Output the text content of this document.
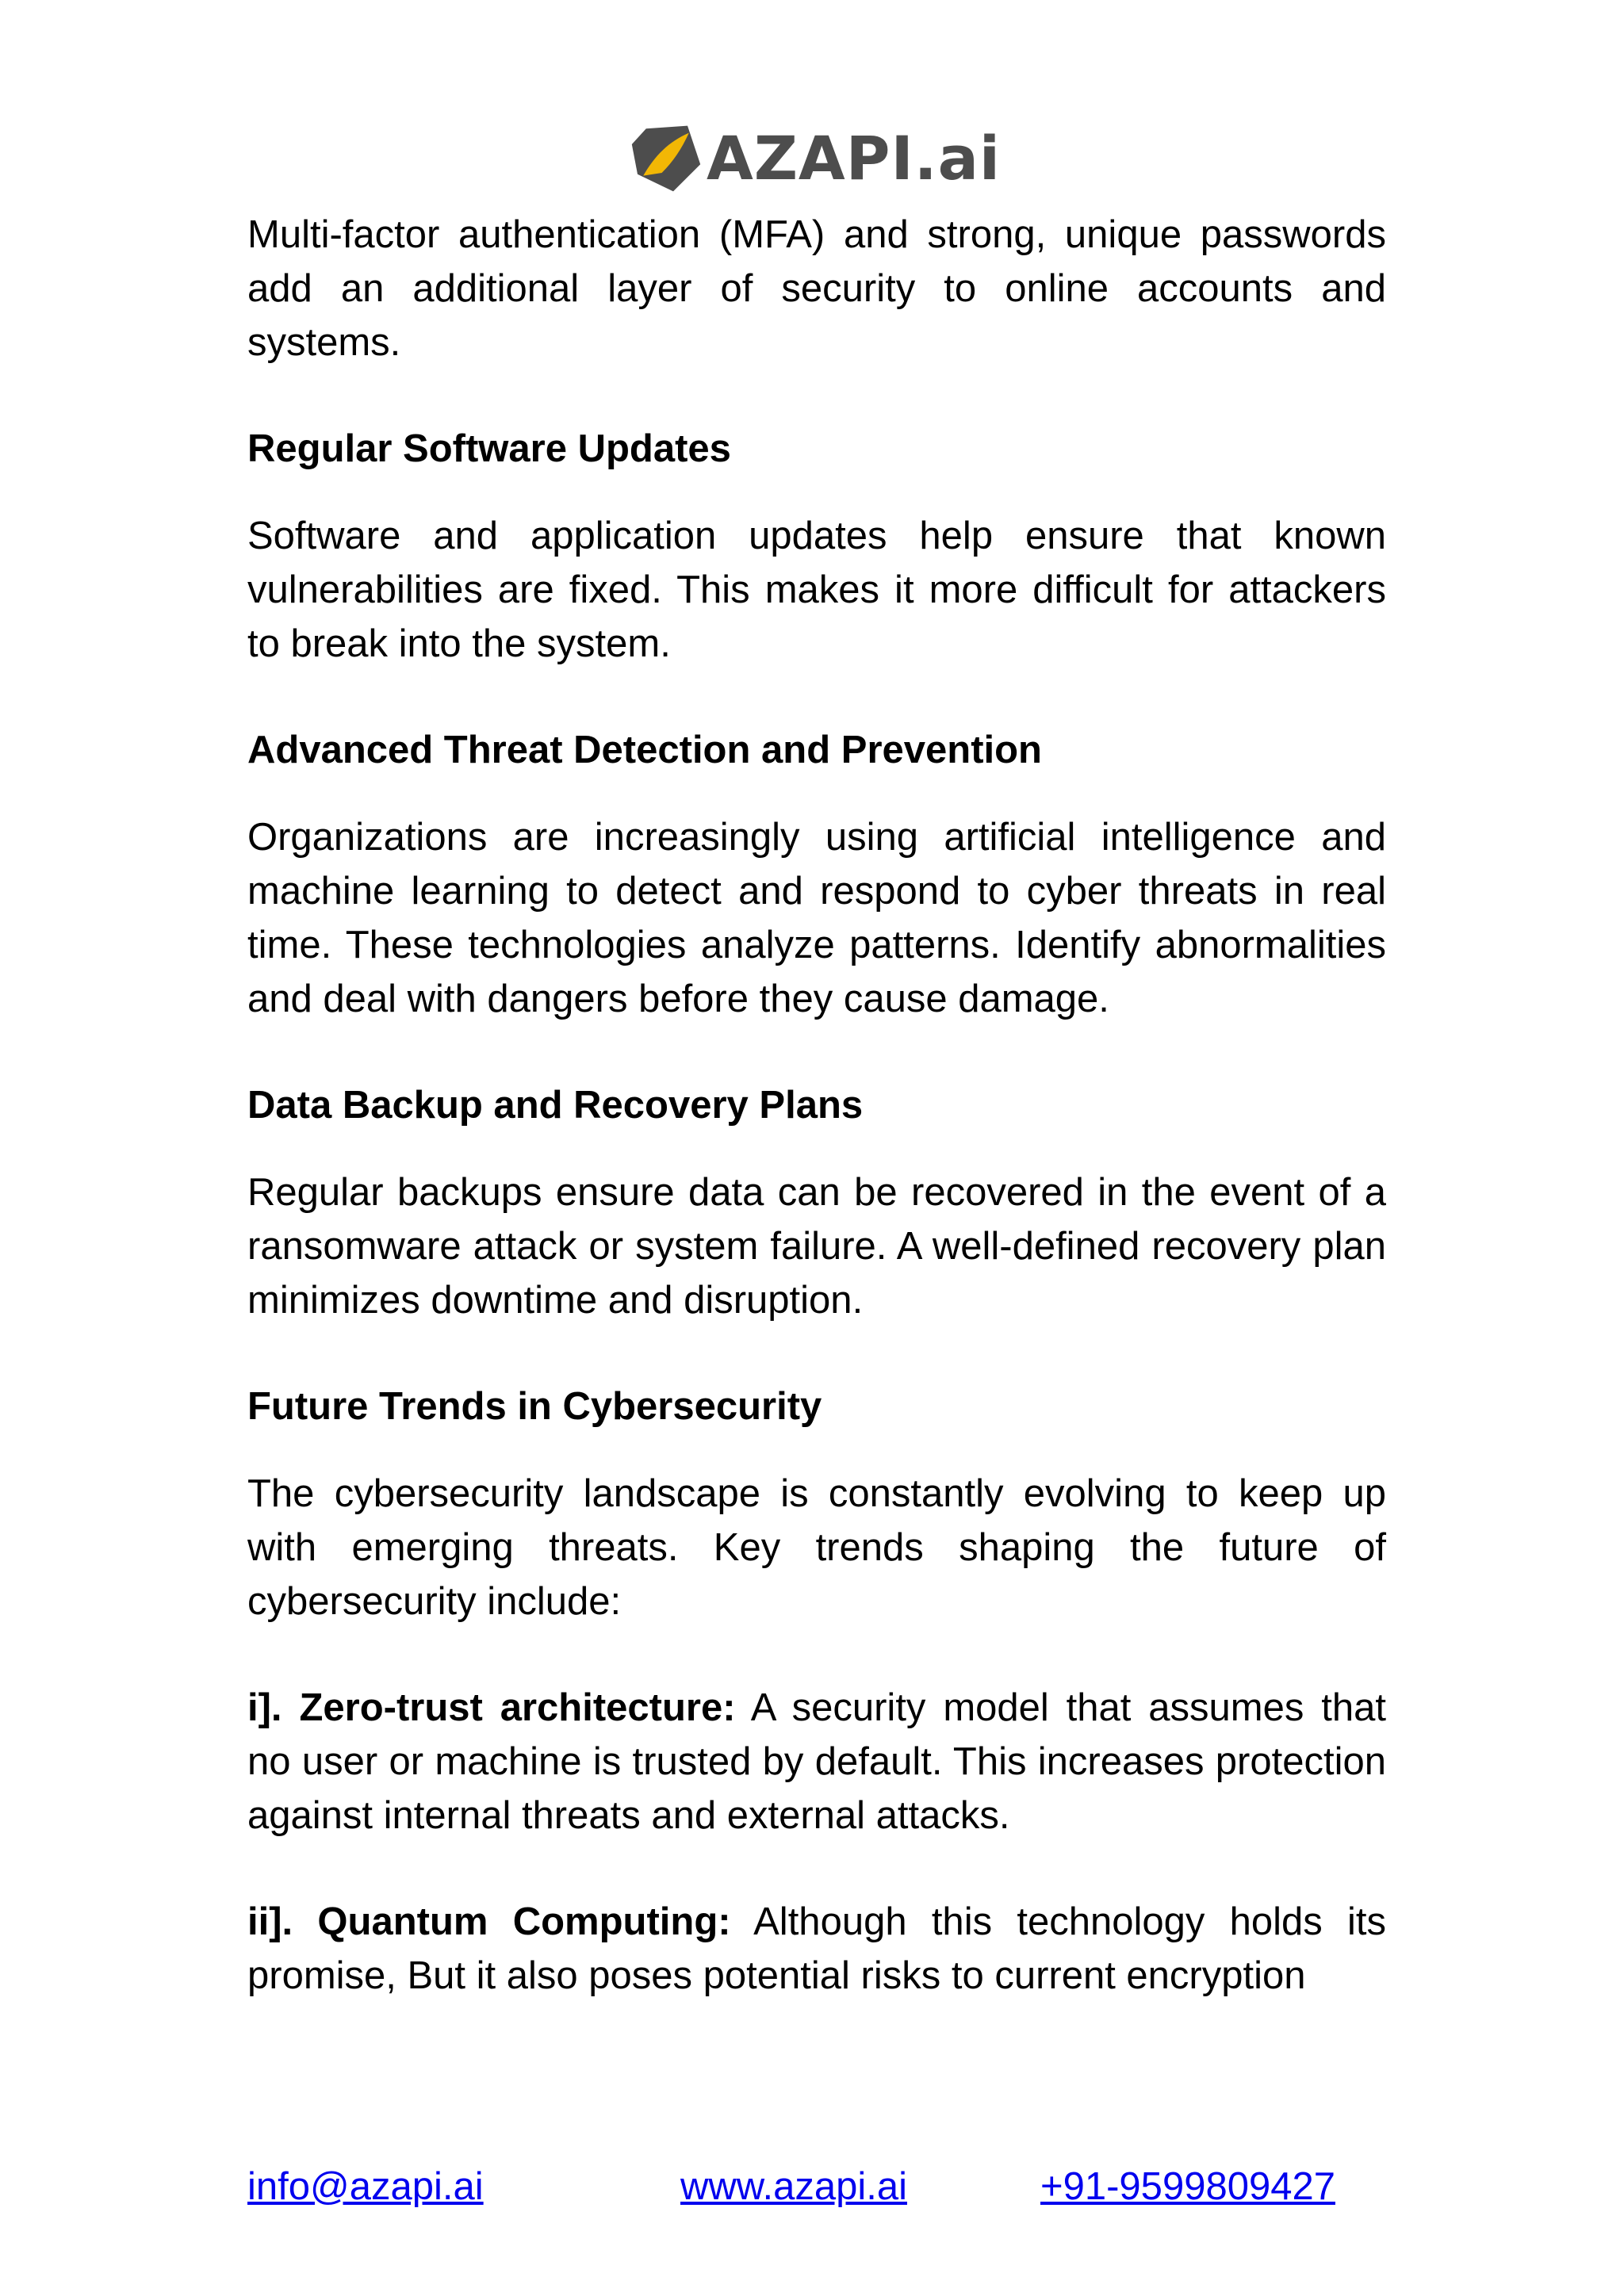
AZAPI.ai

Multi-factor authentication (MFA) and strong, unique passwords add an additional layer of security to online accounts and systems.

Regular Software Updates

Software and application updates help ensure that known vulnerabilities are fixed. This makes it more difficult for attackers to break into the system.

Advanced Threat Detection and Prevention

Organizations are increasingly using artificial intelligence and machine learning to detect and respond to cyber threats in real time. These technologies analyze patterns. Identify abnormalities and deal with dangers before they cause damage.

Data Backup and Recovery Plans

Regular backups ensure data can be recovered in the event of a ransomware attack or system failure. A well-defined recovery plan minimizes downtime and disruption.

Future Trends in Cybersecurity

The cybersecurity landscape is constantly evolving to keep up with emerging threats. Key trends shaping the future of cybersecurity include:

i]. Zero-trust architecture: A security model that assumes that no user or machine is trusted by default. This increases protection against internal threats and external attacks.

ii]. Quantum Computing: Although this technology holds its promise, But it also poses potential risks to current encryption

info@azapi.ai	www.azapi.ai	+91-9599809427
